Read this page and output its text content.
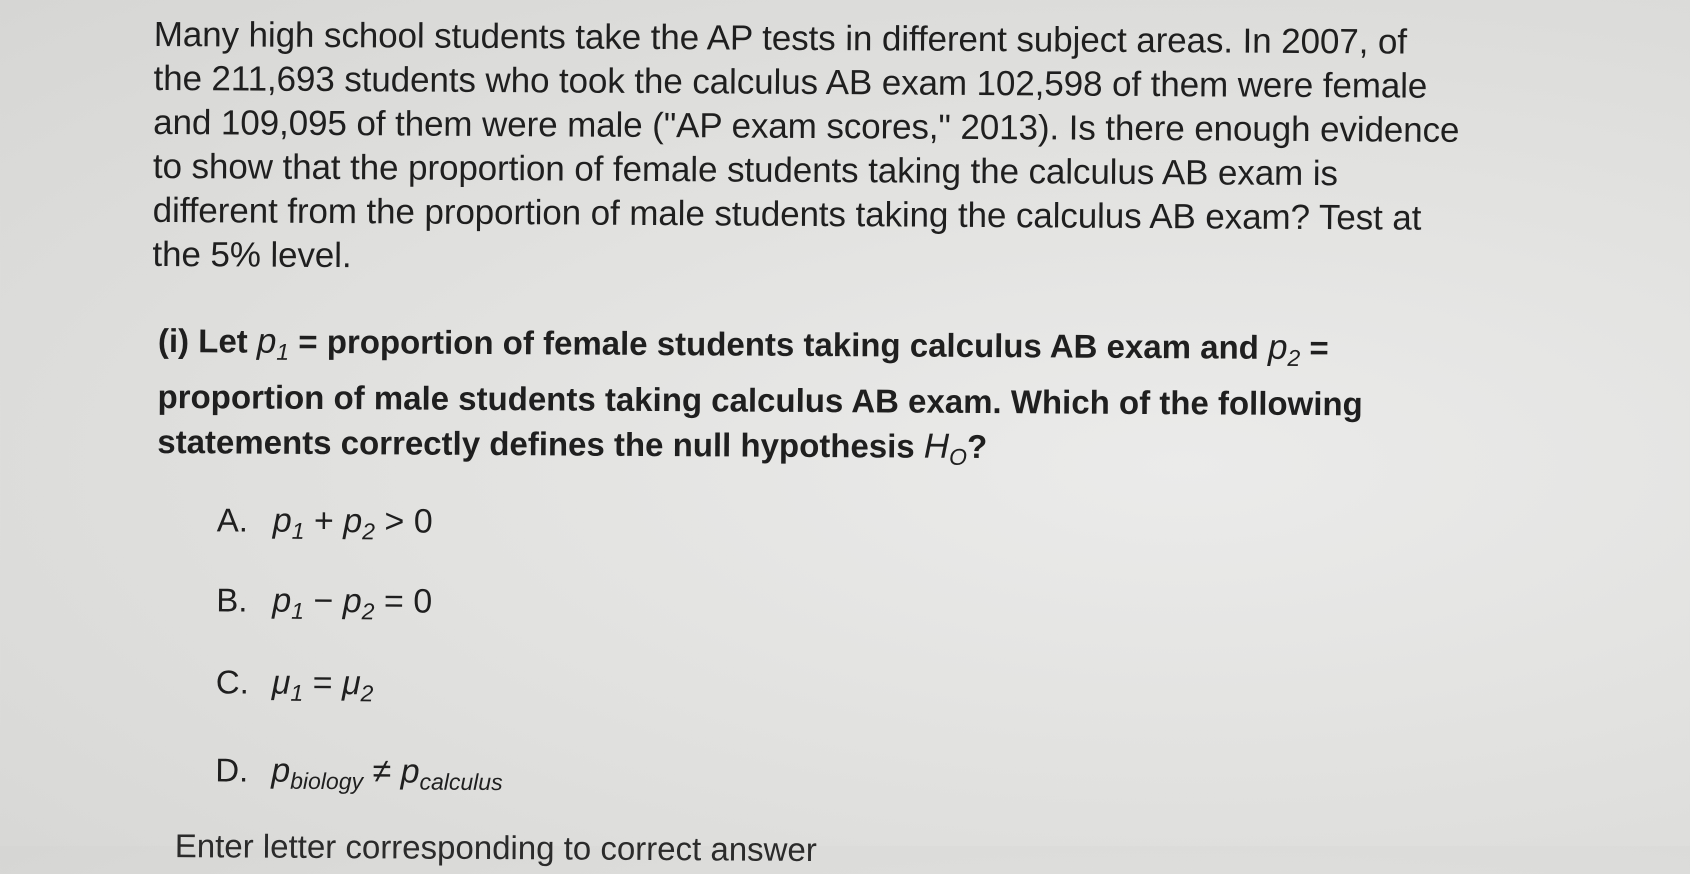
Many high school students take the AP tests in different subject areas. In 2007, of
the 211,693 students who took the calculus AB exam 102,598 of them were female
and 109,095 of them were male ("AP exam scores," 2013). Is there enough evidence
to show that the proportion of female students taking the calculus AB exam is
different from the proportion of male students taking the calculus AB exam? Test at
the 5% level.
(i) Let $p_1$ = proportion of female students taking calculus AB exam and $p_2$ =
proportion of male students taking calculus AB exam. Which of the following
statements correctly defines the null hypothesis $H_O$?
A. $p_1 + p_2 > 0$
B. $p_1 - p_2 = 0$
C. $\mu_1 = \mu_2$
D. $p_{biology} \ne p_{calculus}$
Enter letter corresponding to correct answer
